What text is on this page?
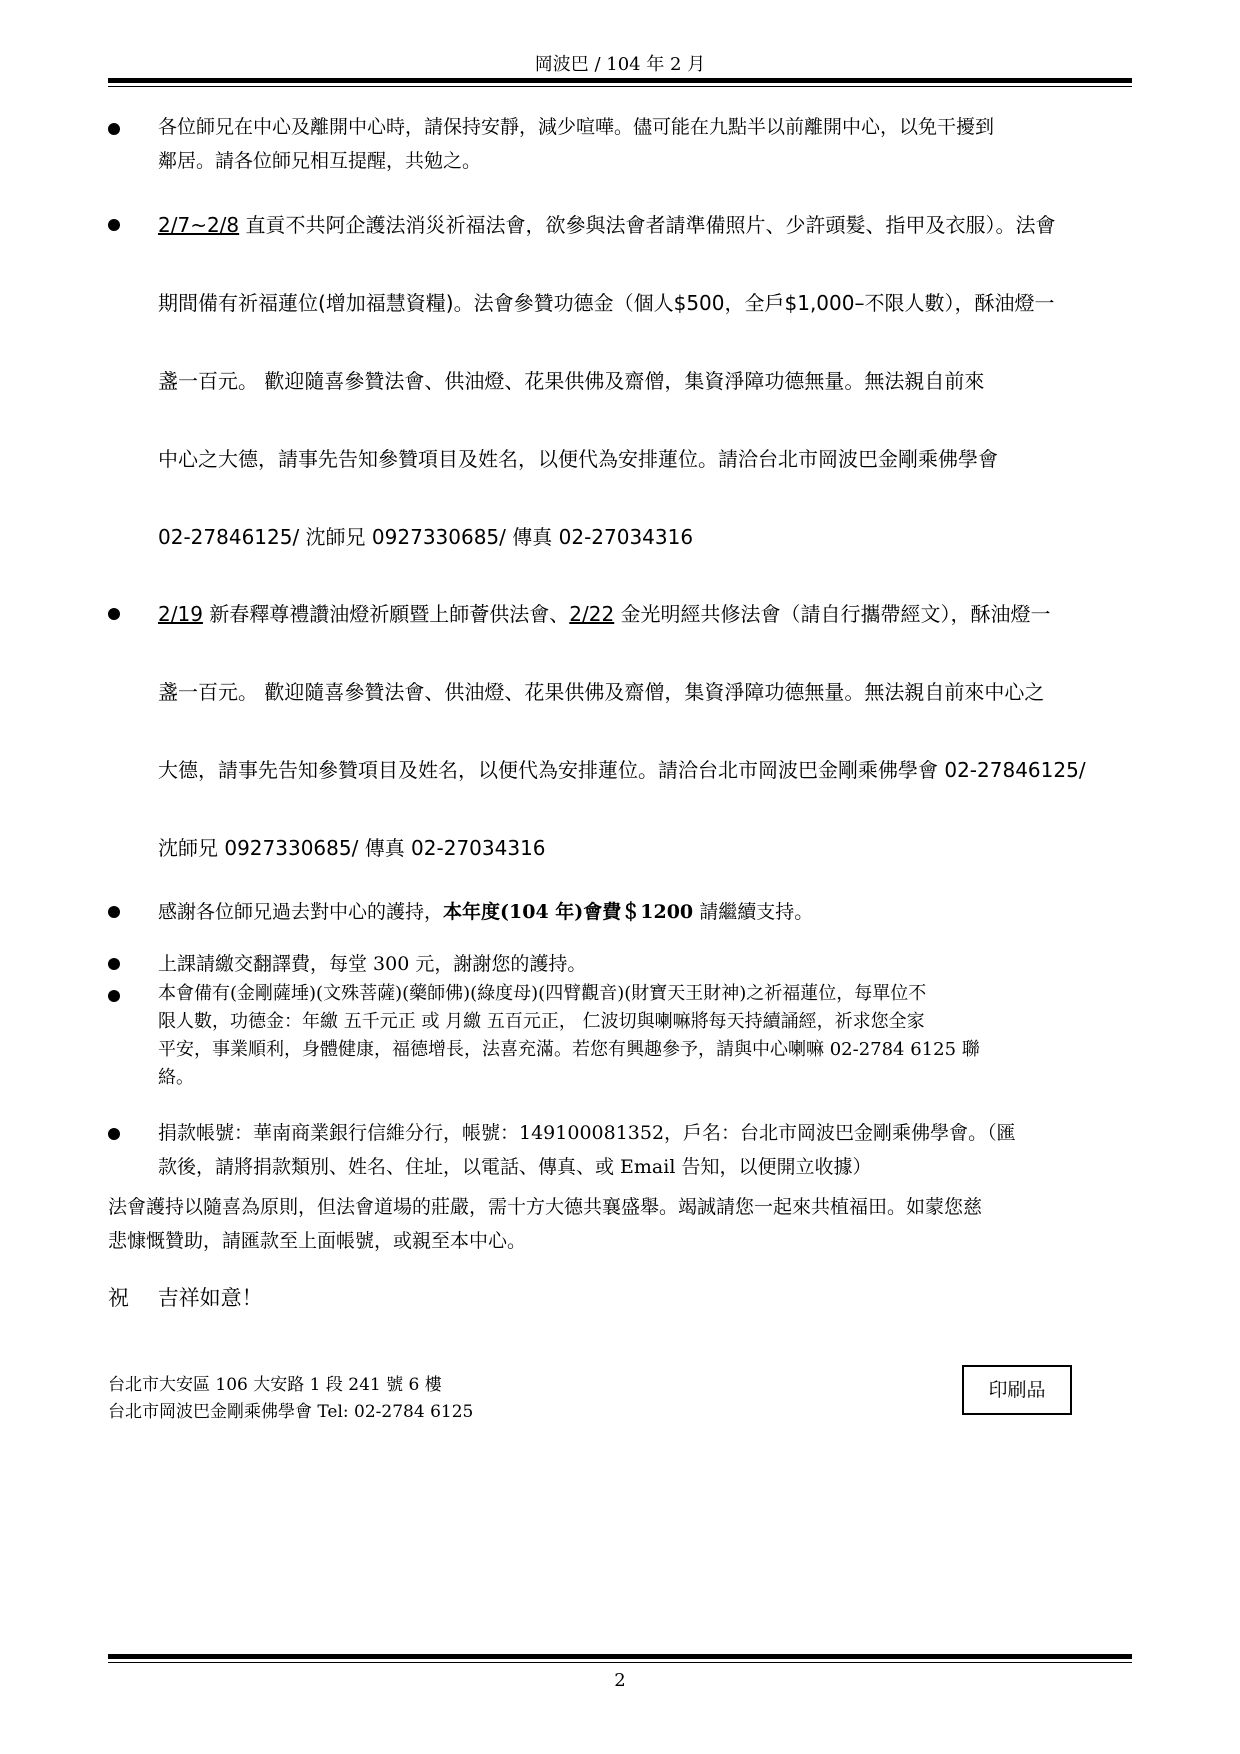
岡波巴 / 104 年 2 月
各位師兄在中心及離開中心時，請保持安靜，減少喧嘩。儘可能在九點半以前離開中心，以免干擾到
鄰居。請各位師兄相互提醒，共勉之。
2/7~2/8 直貢不共阿企護法消災祈福法會，欲參與法會者請準備照片、少許頭髮、指甲及衣服）。法會
期間備有祈福蓮位(增加福慧資糧)。法會參贊功德金（個人$500，全戶$1,000–不限人數），酥油燈一
盞一百元。 歡迎隨喜參贊法會、供油燈、花果供佛及齋僧，集資淨障功德無量。無法親自前來
中心之大德，請事先告知參贊項目及姓名，以便代為安排蓮位。請洽台北市岡波巴金剛乘佛學會
02-27846125/ 沈師兄 0927330685/ 傳真 02-27034316
2/19 新春釋尊禮讚油燈祈願暨上師薈供法會、2/22 金光明經共修法會（請自行攜帶經文），酥油燈一
盞一百元。 歡迎隨喜參贊法會、供油燈、花果供佛及齋僧，集資淨障功德無量。無法親自前來中心之
大德，請事先告知參贊項目及姓名，以便代為安排蓮位。請洽台北市岡波巴金剛乘佛學會 02-27846125/
沈師兄 0927330685/ 傳真 02-27034316
感謝各位師兄過去對中心的護持，本年度(104 年)會費＄1200 請繼續支持。
上課請繳交翻譯費，每堂 300 元，謝謝您的護持。
本會備有(金剛薩埵)(文殊菩薩)(藥師佛)(綠度母)(四臂觀音)(財寶天王財神)之祈福蓮位，每單位不
限人數，功德金：年繳 五千元正 或 月繳 五百元正， 仁波切與喇嘛將每天持續誦經，祈求您全家
平安，事業順利，身體健康，福德增長，法喜充滿。若您有興趣參予，請與中心喇嘛 02-2784 6125 聯
絡。
捐款帳號：華南商業銀行信維分行，帳號：149100081352，戶名：台北市岡波巴金剛乘佛學會。（匯
款後，請將捐款類別、姓名、住址，以電話、傳真、或 Email 告知，以便開立收據）
法會護持以隨喜為原則，但法會道場的莊嚴，需十方大德共襄盛舉。竭誠請您一起來共植福田。如蒙您慈
悲慷慨贊助，請匯款至上面帳號，或親至本中心。
祝 吉祥如意！
台北市大安區 106 大安路 1 段 241 號 6 樓
台北市岡波巴金剛乘佛學會 Tel: 02-2784 6125
印刷品
2
